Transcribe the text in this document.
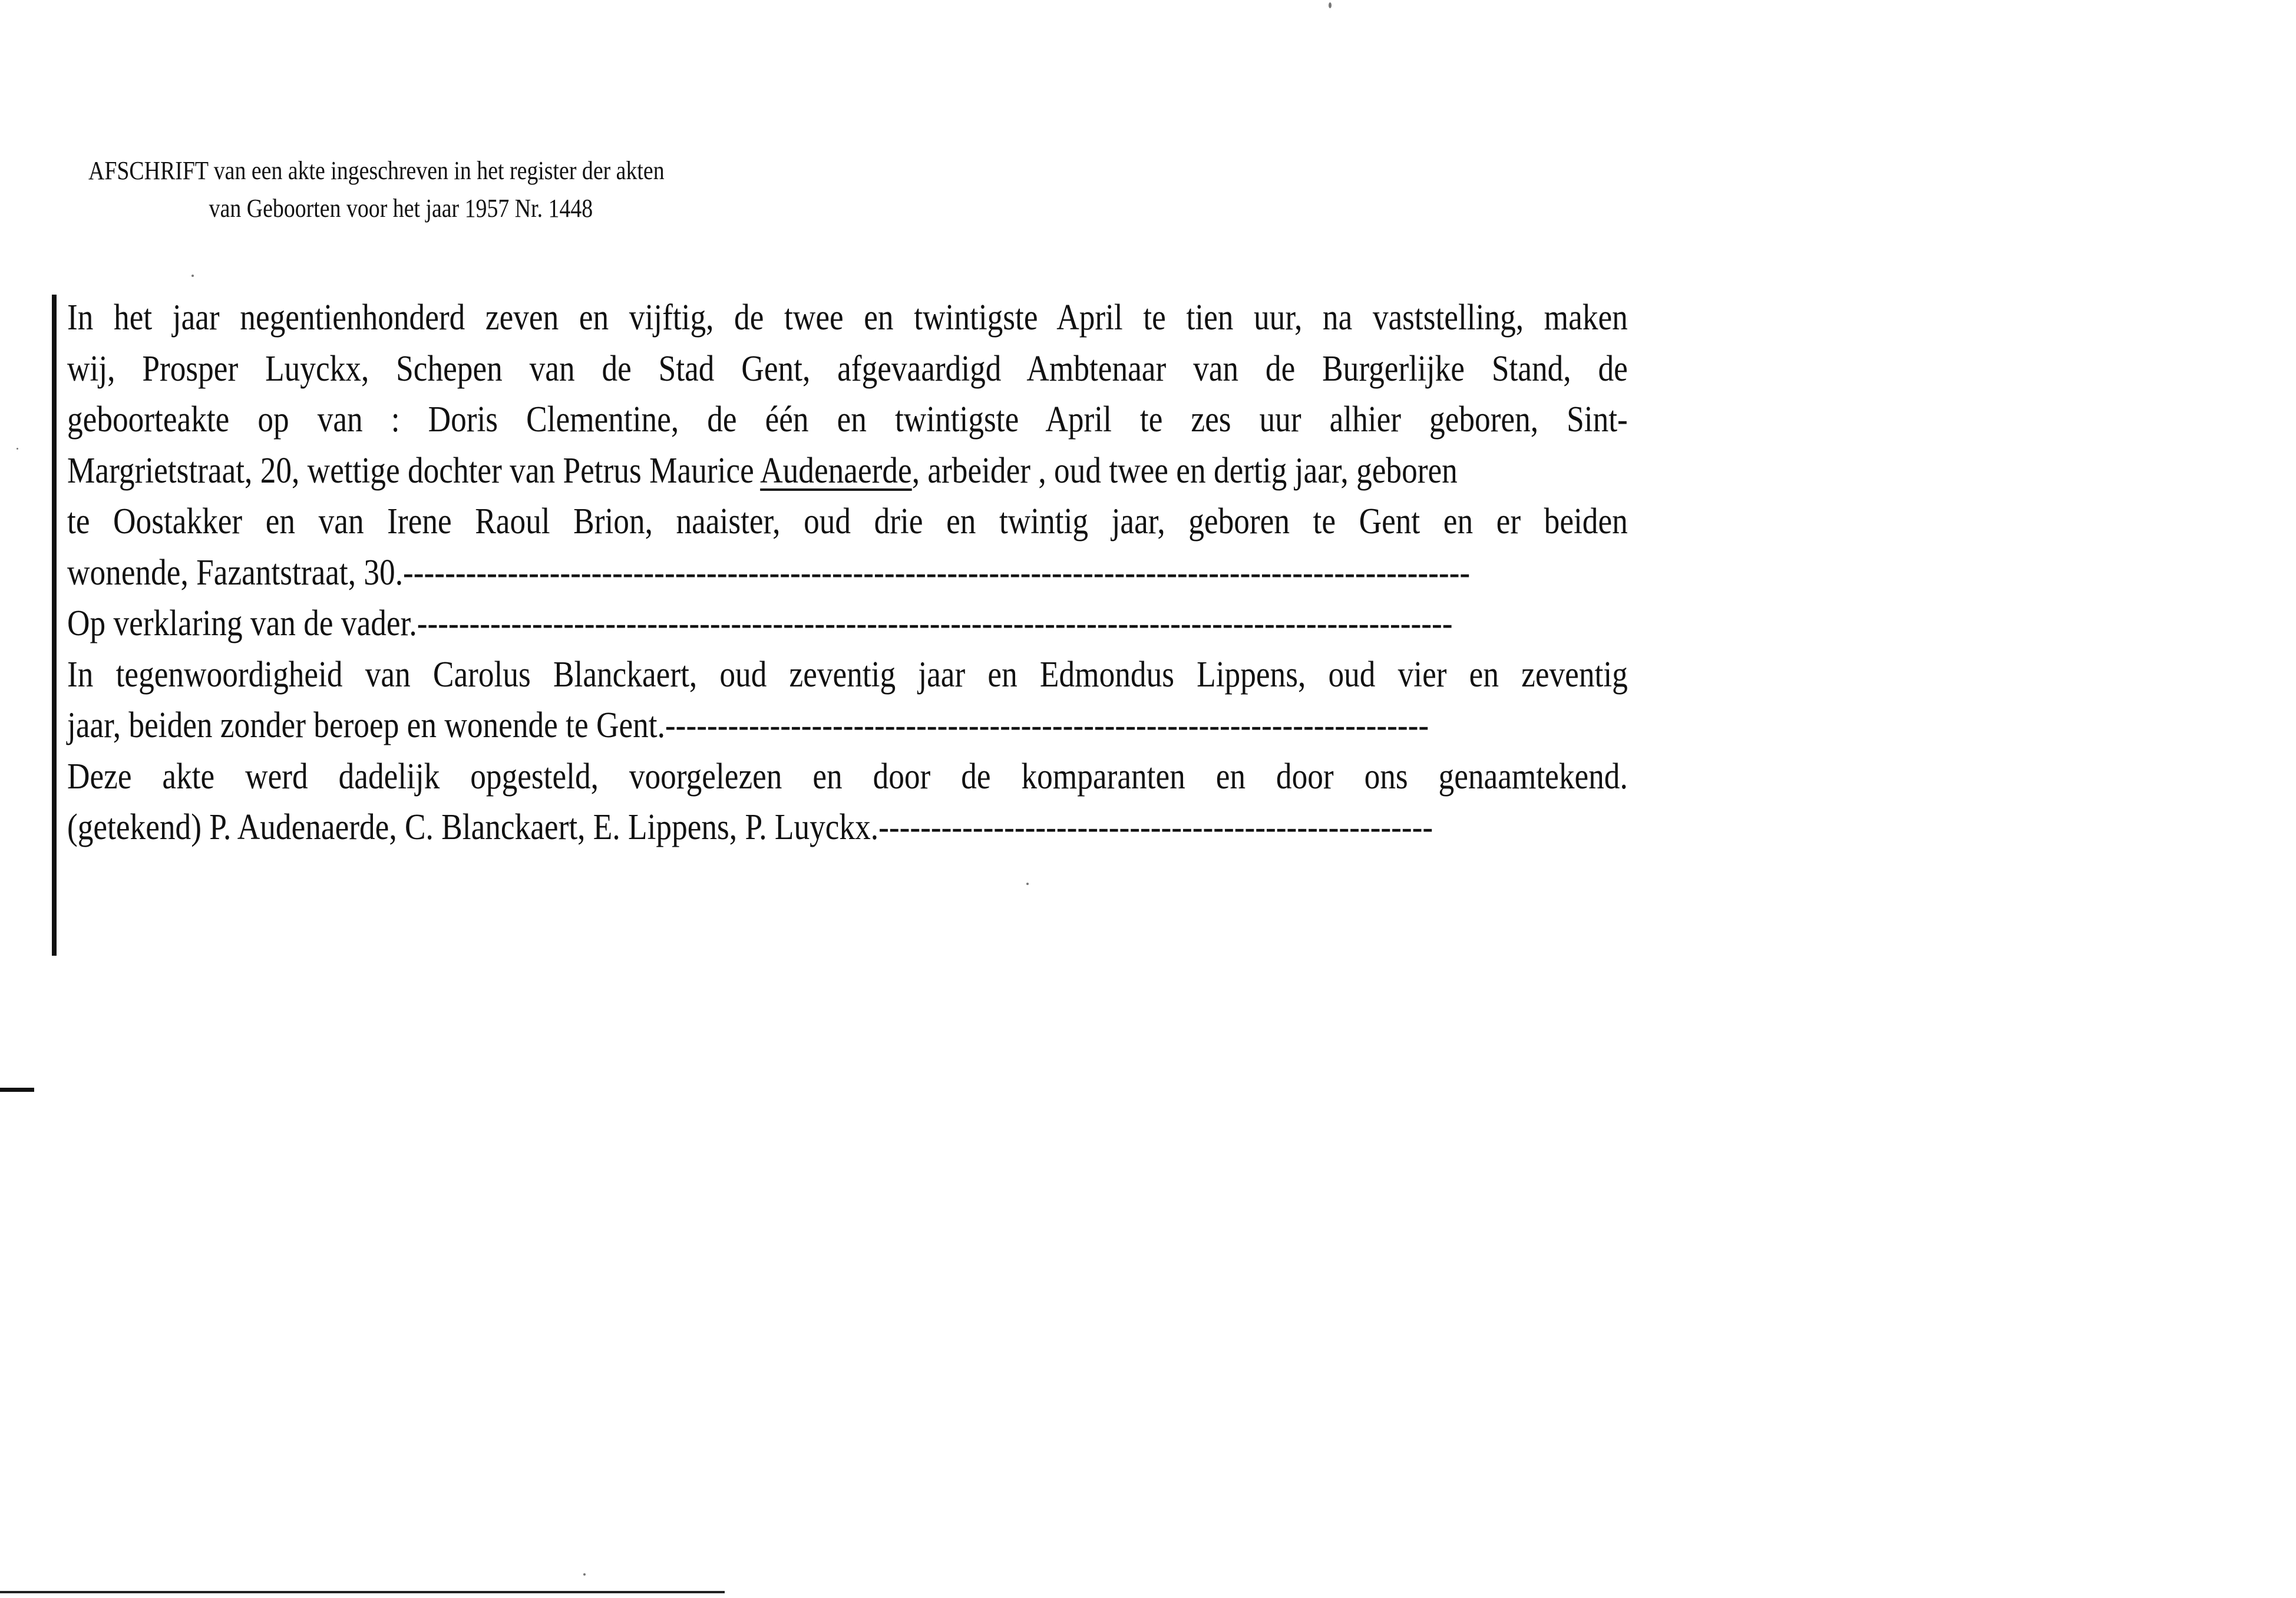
AFSCHRIFT van een akte ingeschreven in het register der akten
van Geboorten voor het jaar 1957 Nr. 1448
In het jaar negentienhonderd zeven en vijftig, de twee en twintigste April te tien uur, na vaststelling, maken
wij, Prosper Luyckx, Schepen van de Stad Gent, afgevaardigd Ambtenaar van de Burgerlijke Stand, de
geboorteakte op van : Doris Clementine, de één en twintigste April te zes uur alhier geboren, Sint-
Margrietstraat, 20, wettige dochter van Petrus Maurice Audenaerde, arbeider , oud twee en dertig jaar, geboren
te Oostakker en van Irene Raoul Brion, naaister, oud drie en twintig jaar, geboren te Gent en er beiden
wonende, Fazantstraat, 30.------------------------------------------------------------------------------------------------------
Op verklaring van de vader.---------------------------------------------------------------------------------------------------
In tegenwoordigheid van Carolus Blanckaert, oud zeventig jaar en Edmondus Lippens, oud vier en zeventig
jaar, beiden zonder beroep en wonende te Gent.-------------------------------------------------------------------------
Deze akte werd dadelijk opgesteld, voorgelezen en door de komparanten en door ons genaamtekend.
(getekend) P. Audenaerde, C. Blanckaert, E. Lippens, P. Luyckx.-----------------------------------------------------
